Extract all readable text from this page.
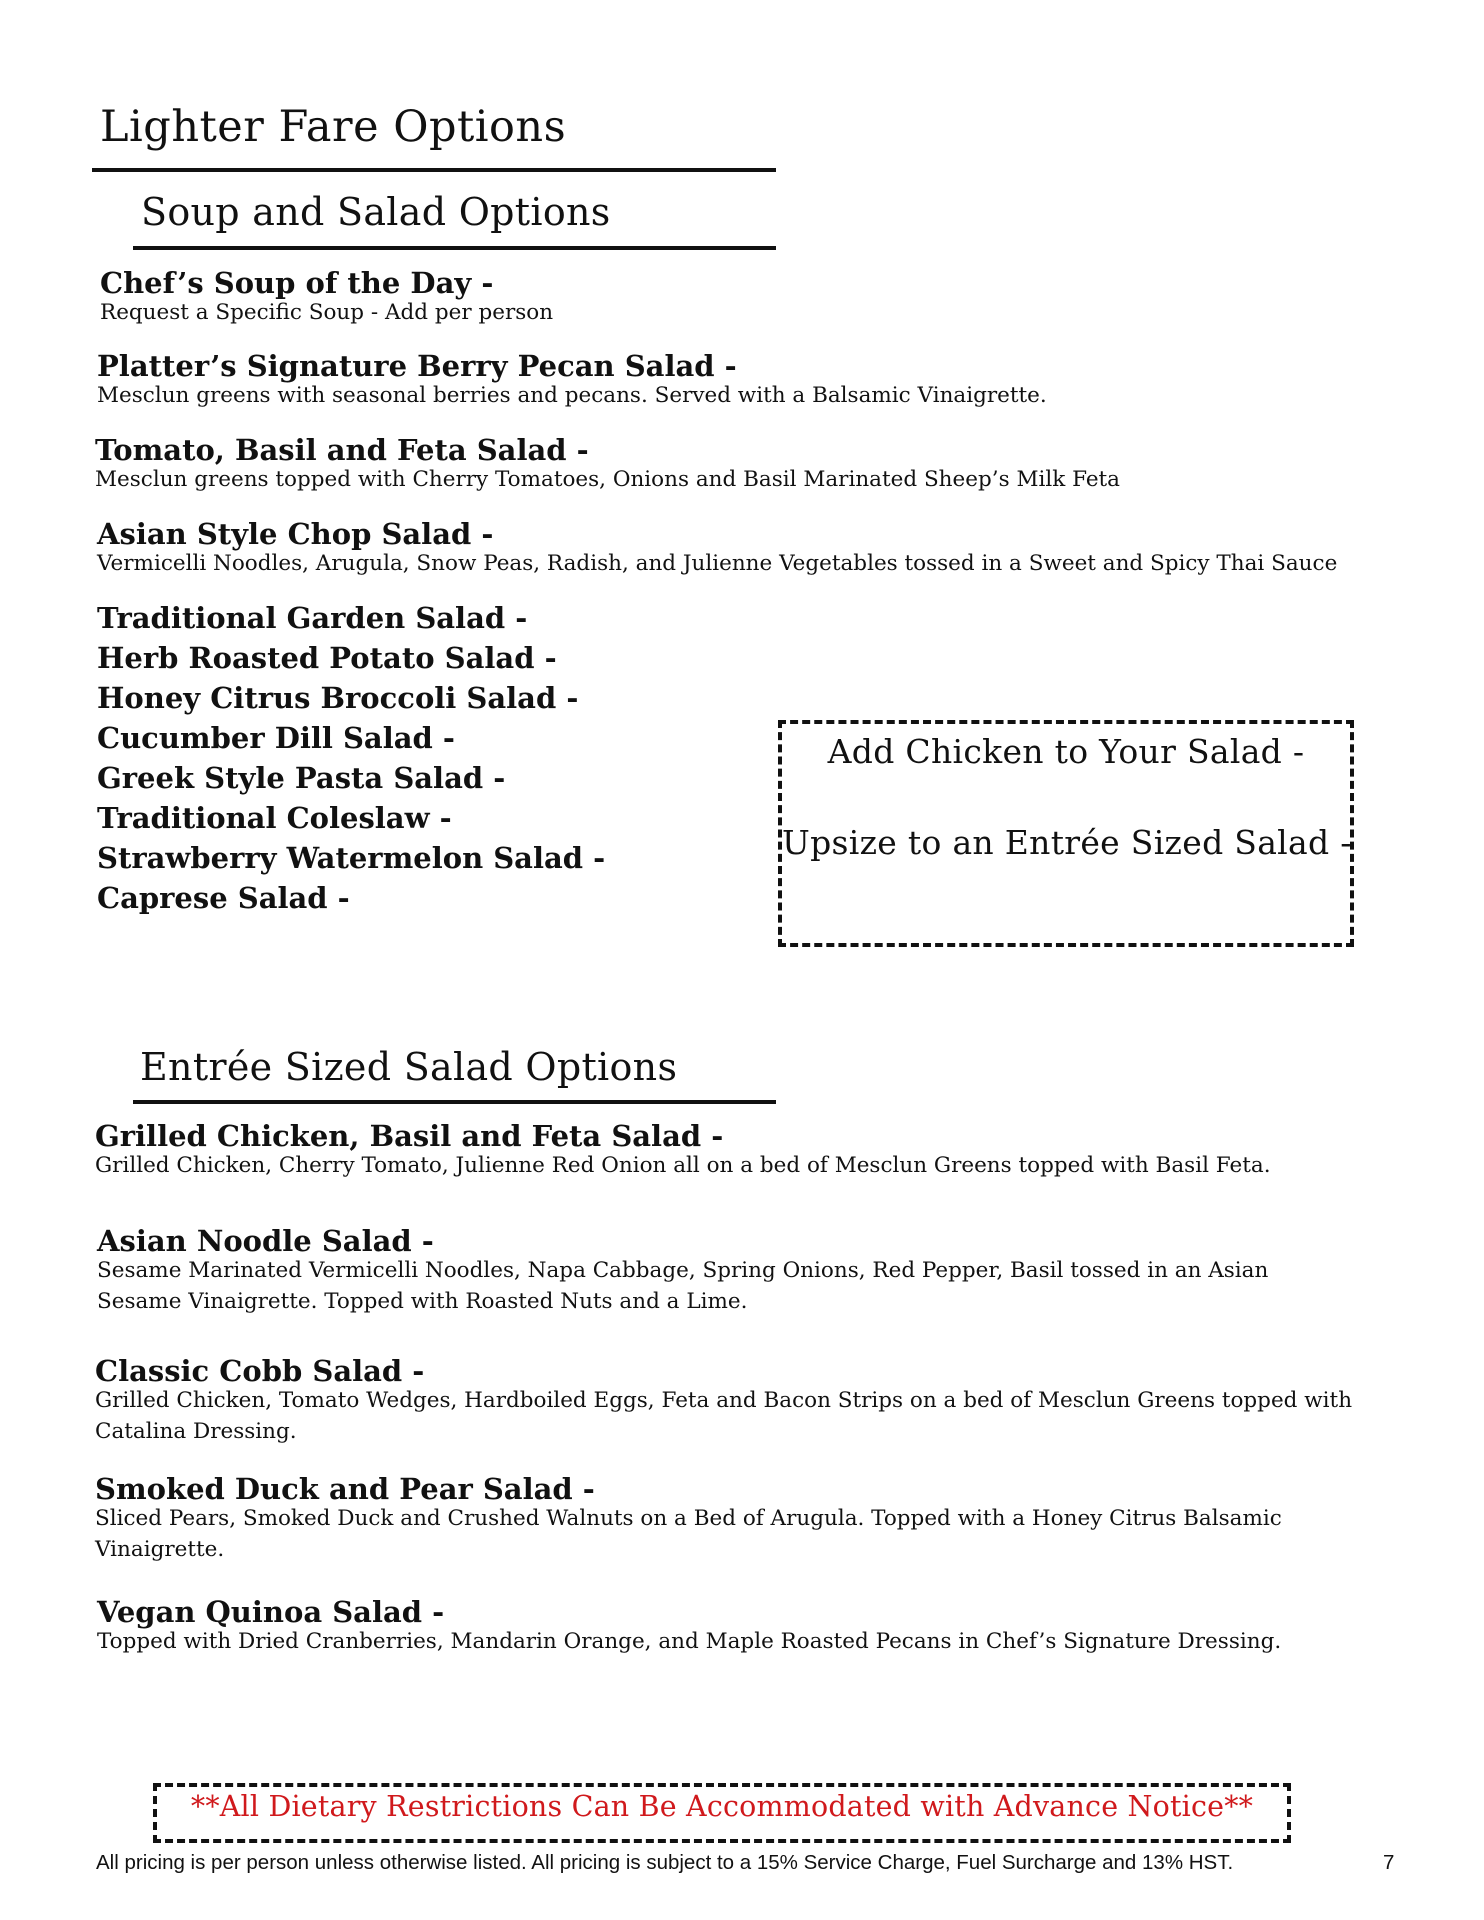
Lighter Fare Options
Soup and Salad Options

Chef’s Soup of the Day -

Request a Specific Soup - Add per person

Platter’s Signature Berry Pecan Salad -

Mesclun greens with seasonal berries and pecans. Served with a Balsamic Vinaigrette.

Tomato, Basil and Feta Salad -

Mesclun greens topped with Cherry Tomatoes, Onions and Basil Marinated Sheep’s Milk Feta

Asian Style Chop Salad -

Vermicelli Noodles, Arugula, Snow Peas, Radish, and Julienne Vegetables tossed in a Sweet and Spicy Thai Sauce

Traditional Garden Salad -

Herb Roasted Potato Salad -

Honey Citrus Broccoli Salad -

Cucumber Dill Salad -

Greek Style Pasta Salad -

Traditional Coleslaw -

Strawberry Watermelon Salad -

Caprese Salad -

Add Chicken to Your Salad -
Upsize to an Entrée Sized Salad -
Entrée Sized Salad Options

Grilled Chicken, Basil and Feta Salad -

Grilled Chicken, Cherry Tomato, Julienne Red Onion all on a bed of Mesclun Greens topped with Basil Feta.

Asian Noodle Salad -

Sesame Marinated Vermicelli Noodles, Napa Cabbage, Spring Onions, Red Pepper, Basil tossed in an Asian Sesame Vinaigrette. Topped with Roasted Nuts and a Lime.

Classic Cobb Salad -

Grilled Chicken, Tomato Wedges, Hardboiled Eggs, Feta and Bacon Strips on a bed of Mesclun Greens topped with Catalina Dressing.

Smoked Duck and Pear Salad -

Sliced Pears, Smoked Duck and Crushed Walnuts on a Bed of Arugula. Topped with a Honey Citrus Balsamic Vinaigrette.

Vegan Quinoa Salad -

Topped with Dried Cranberries, Mandarin Orange, and Maple Roasted Pecans in Chef’s Signature Dressing.

**All Dietary Restrictions Can Be Accommodated with Advance Notice**
All pricing is per person unless otherwise listed. All pricing is subject to a 15% Service Charge, Fuel Surcharge and 13% HST.	7
